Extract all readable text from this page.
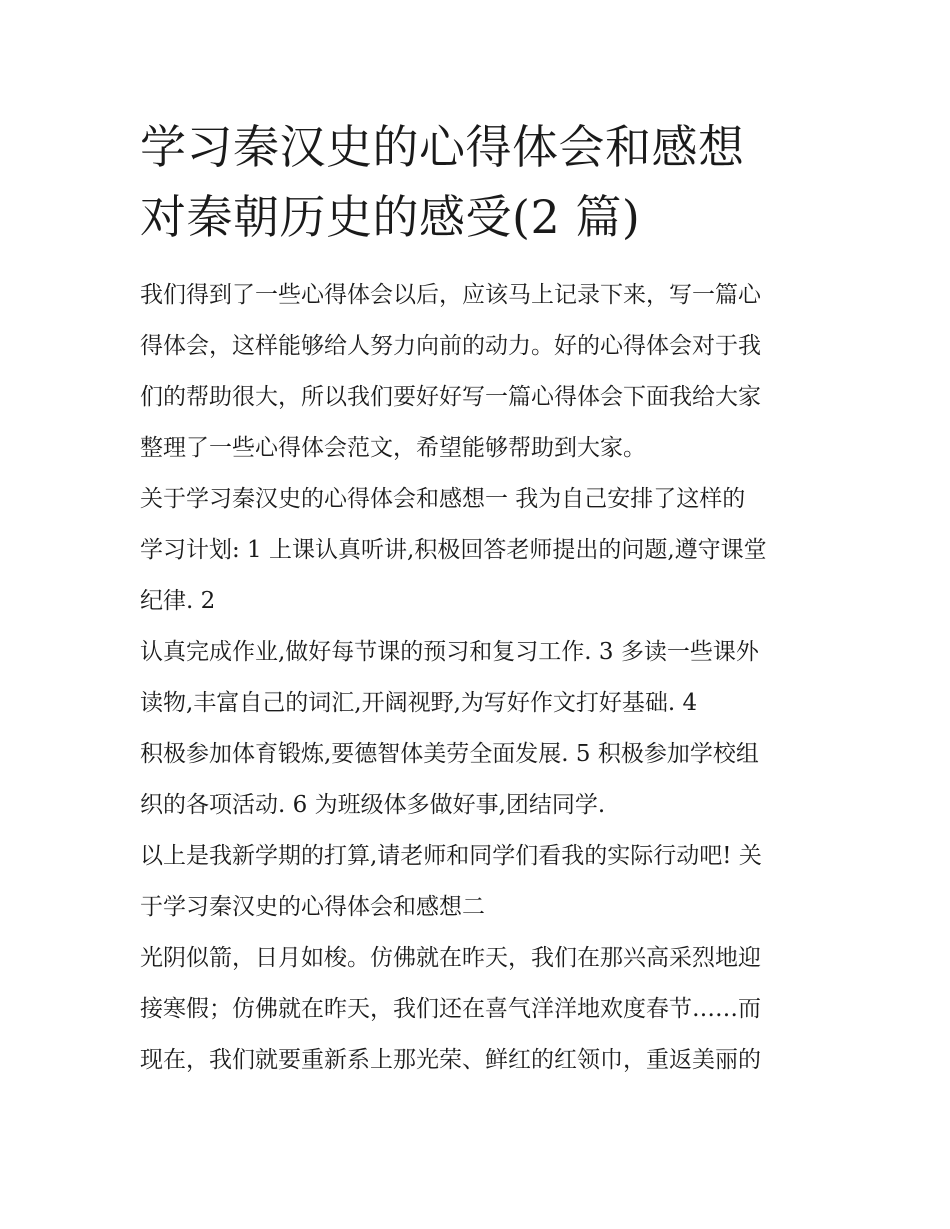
学习秦汉史的心得体会和感想
对秦朝历史的感受(2 篇)
我们得到了一些心得体会以后，应该马上记录下来，写一篇心
得体会，这样能够给人努力向前的动力。好的心得体会对于我
们的帮助很大，所以我们要好好写一篇心得体会下面我给大家
整理了一些心得体会范文，希望能够帮助到大家。
关于学习秦汉史的心得体会和感想一 我为自己安排了这样的
学习计划: 1 上课认真听讲,积极回答老师提出的问题,遵守课堂
纪律. 2
认真完成作业,做好每节课的预习和复习工作. 3 多读一些课外
读物,丰富自己的词汇,开阔视野,为写好作文打好基础. 4
积极参加体育锻炼,要德智体美劳全面发展. 5 积极参加学校组
织的各项活动. 6 为班级体多做好事,团结同学.
以上是我新学期的打算,请老师和同学们看我的实际行动吧! 关
于学习秦汉史的心得体会和感想二
光阴似箭，日月如梭。仿佛就在昨天，我们在那兴高采烈地迎
接寒假；仿佛就在昨天，我们还在喜气洋洋地欢度春节……而
现在，我们就要重新系上那光荣、鲜红的红领巾，重返美丽的
